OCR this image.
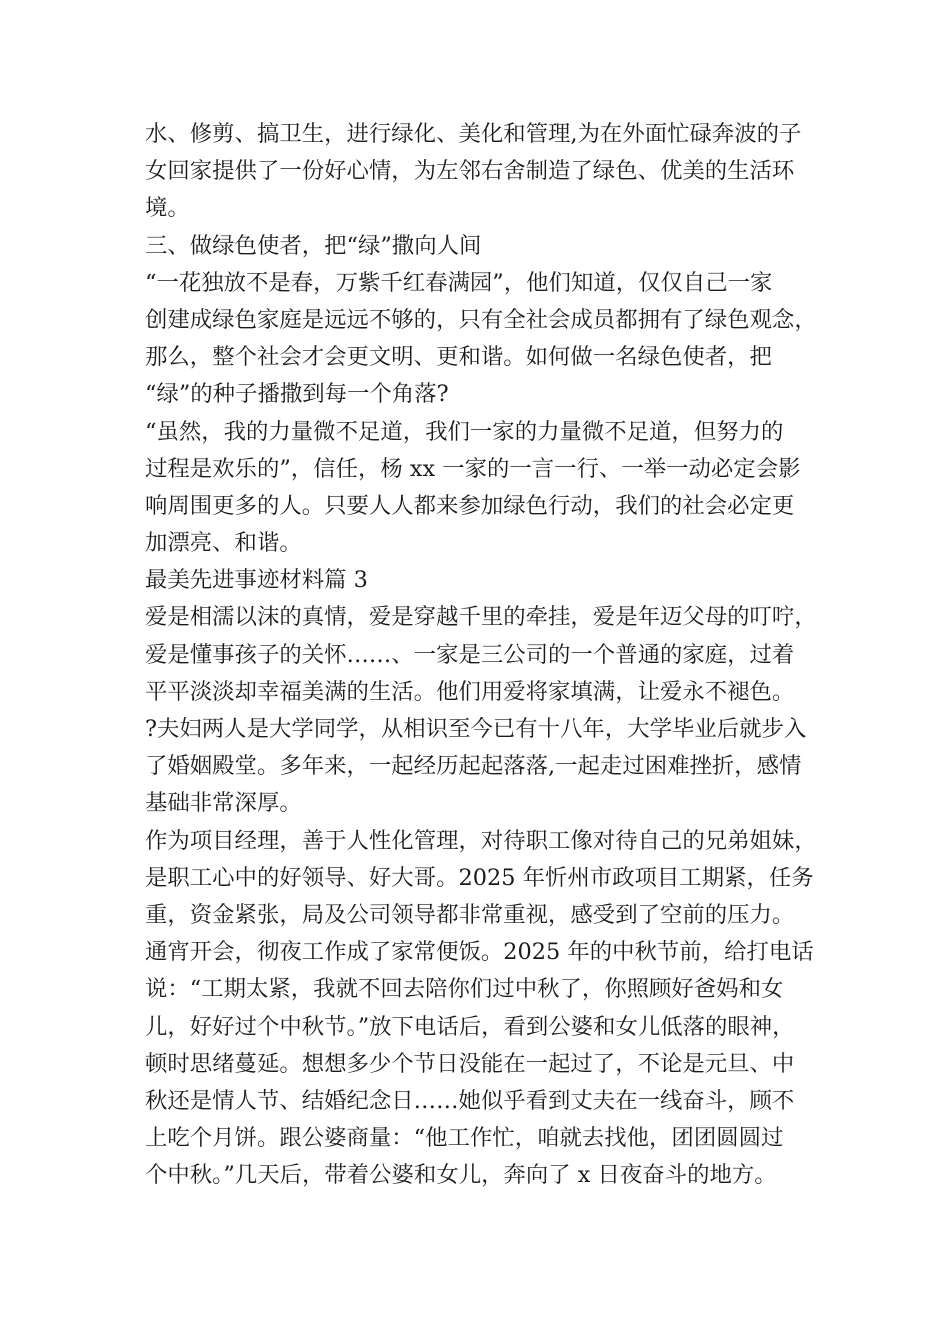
水、修剪、搞卫生，进行绿化、美化和管理,为在外面忙碌奔波的子
女回家提供了一份好心情，为左邻右舍制造了绿色、优美的生活环
境。
三、做绿色使者，把“绿”撒向人间
“一花独放不是春，万紫千红春满园”，他们知道，仅仅自己一家
创建成绿色家庭是远远不够的，只有全社会成员都拥有了绿色观念，
那么，整个社会才会更文明、更和谐。如何做一名绿色使者，把
“绿”的种子播撒到每一个角落?
“虽然，我的力量微不足道，我们一家的力量微不足道，但努力的
过程是欢乐的”，信任，杨 xx 一家的一言一行、一举一动必定会影
响周围更多的人。只要人人都来参加绿色行动，我们的社会必定更
加漂亮、和谐。
最美先进事迹材料篇 3
爱是相濡以沫的真情，爱是穿越千里的牵挂，爱是年迈父母的叮咛，
爱是懂事孩子的关怀……、一家是三公司的一个普通的家庭，过着
平平淡淡却幸福美满的生活。他们用爱将家填满，让爱永不褪色。
?夫妇两人是大学同学，从相识至今已有十八年，大学毕业后就步入
了婚姻殿堂。多年来，一起经历起起落落,一起走过困难挫折，感情
基础非常深厚。
作为项目经理，善于人性化管理，对待职工像对待自己的兄弟姐妹，
是职工心中的好领导、好大哥。2025 年忻州市政项目工期紧，任务
重，资金紧张，局及公司领导都非常重视，感受到了空前的压力。
通宵开会，彻夜工作成了家常便饭。2025 年的中秋节前，给打电话
说：“工期太紧，我就不回去陪你们过中秋了，你照顾好爸妈和女
儿，好好过个中秋节。”放下电话后，看到公婆和女儿低落的眼神，
顿时思绪蔓延。想想多少个节日没能在一起过了，不论是元旦、中
秋还是情人节、结婚纪念日……她似乎看到丈夫在一线奋斗，顾不
上吃个月饼。跟公婆商量：“他工作忙，咱就去找他，团团圆圆过
个中秋。”几天后，带着公婆和女儿，奔向了 x 日夜奋斗的地方。
